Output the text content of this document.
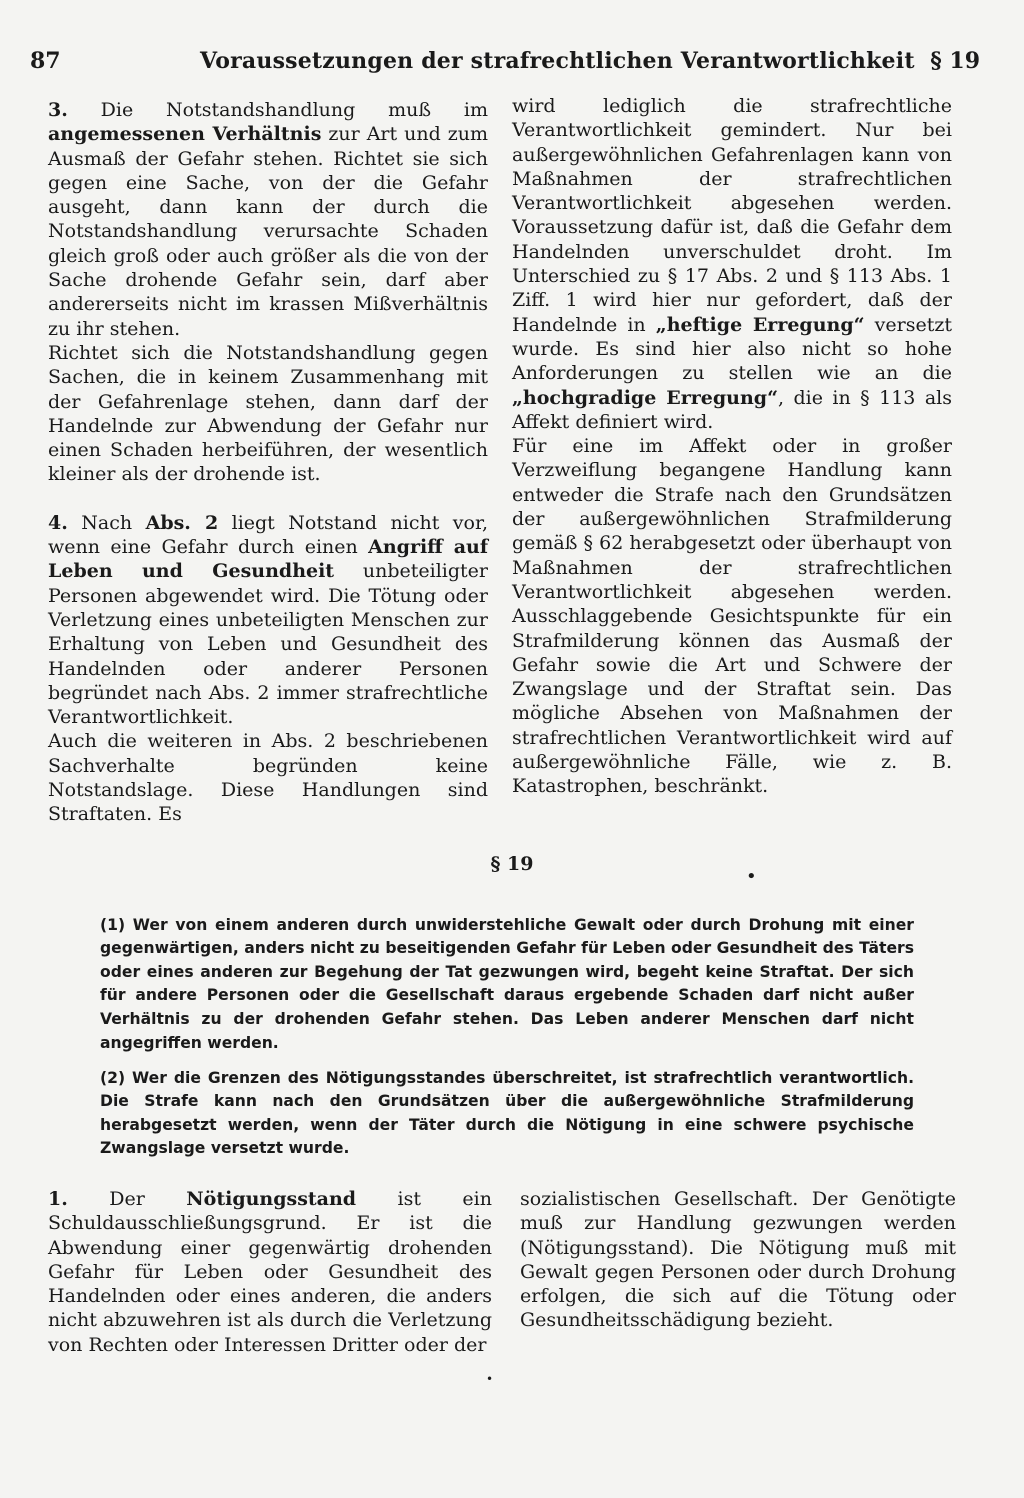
87	Voraussetzungen der strafrechtlichen Verantwortlichkeit § 19

3. Die Notstandshandlung muß im angemessenen Verhältnis zur Art und zum Ausmaß der Gefahr stehen. Richtet sie sich gegen eine Sache, von der die Gefahr ausgeht, dann kann der durch die Notstandshandlung verursachte Schaden gleich groß oder auch größer als die von der Sache drohende Gefahr sein, darf aber andererseits nicht im krassen Mißverhältnis zu ihr stehen.

Richtet sich die Notstandshandlung gegen Sachen, die in keinem Zusammenhang mit der Gefahrenlage stehen, dann darf der Handelnde zur Abwendung der Gefahr nur einen Schaden herbeiführen, der wesentlich kleiner als der drohende ist.

4. Nach Abs. 2 liegt Notstand nicht vor, wenn eine Gefahr durch einen Angriff auf Leben und Gesundheit unbeteiligter Personen abgewendet wird. Die Tötung oder Verletzung eines unbeteiligten Menschen zur Erhaltung von Leben und Gesundheit des Handelnden oder anderer Personen begründet nach Abs. 2 immer strafrechtliche Verantwortlichkeit.

Auch die weiteren in Abs. 2 beschriebenen Sachverhalte begründen keine Notstandslage. Diese Handlungen sind Straftaten. Es

wird lediglich die strafrechtliche Verantwortlichkeit gemindert. Nur bei außergewöhnlichen Gefahrenlagen kann von Maßnahmen der strafrechtlichen Verantwortlichkeit abgesehen werden. Voraussetzung dafür ist, daß die Gefahr dem Handelnden unverschuldet droht. Im Unterschied zu § 17 Abs. 2 und § 113 Abs. 1 Ziff. 1 wird hier nur gefordert, daß der Handelnde in „heftige Erregung“ versetzt wurde. Es sind hier also nicht so hohe Anforderungen zu stellen wie an die „hochgradige Erregung“, die in § 113 als Affekt definiert wird.

Für eine im Affekt oder in großer Verzweiflung begangene Handlung kann entweder die Strafe nach den Grundsätzen der außergewöhnlichen Strafmilderung gemäß § 62 herabgesetzt oder überhaupt von Maßnahmen der strafrechtlichen Verantwortlichkeit abgesehen werden. Ausschlaggebende Gesichtspunkte für ein Strafmilderung können das Ausmaß der Gefahr sowie die Art und Schwere der Zwangslage und der Straftat sein. Das mögliche Absehen von Maßnahmen der strafrechtlichen Verantwortlichkeit wird auf außergewöhnliche Fälle, wie z. B. Katastrophen, beschränkt.

§ 19
•

(1) Wer von einem anderen durch unwiderstehliche Gewalt oder durch Drohung mit einer gegenwärtigen, anders nicht zu beseitigenden Gefahr für Leben oder Gesundheit des Täters oder eines anderen zur Begehung der Tat gezwungen wird, begeht keine Straftat. Der sich für andere Personen oder die Gesellschaft daraus ergebende Schaden darf nicht außer Verhältnis zu der drohenden Gefahr stehen. Das Leben anderer Menschen darf nicht angegriffen werden.

(2) Wer die Grenzen des Nötigungsstandes überschreitet, ist strafrechtlich verantwortlich. Die Strafe kann nach den Grundsätzen über die außergewöhnliche Strafmilderung herabgesetzt werden, wenn der Täter durch die Nötigung in eine schwere psychische Zwangslage versetzt wurde.

1. Der Nötigungsstand ist ein Schuldausschließungsgrund. Er ist die Abwendung einer gegenwärtig drohenden Gefahr für Leben oder Gesundheit des Handelnden oder eines anderen, die anders nicht abzuwehren ist als durch die Verletzung von Rechten oder Interessen Dritter oder der

sozialistischen Gesellschaft. Der Genötigte muß zur Handlung gezwungen werden (Nötigungsstand). Die Nötigung muß mit Gewalt gegen Personen oder durch Drohung erfolgen, die sich auf die Tötung oder Gesundheitsschädigung bezieht.

•
